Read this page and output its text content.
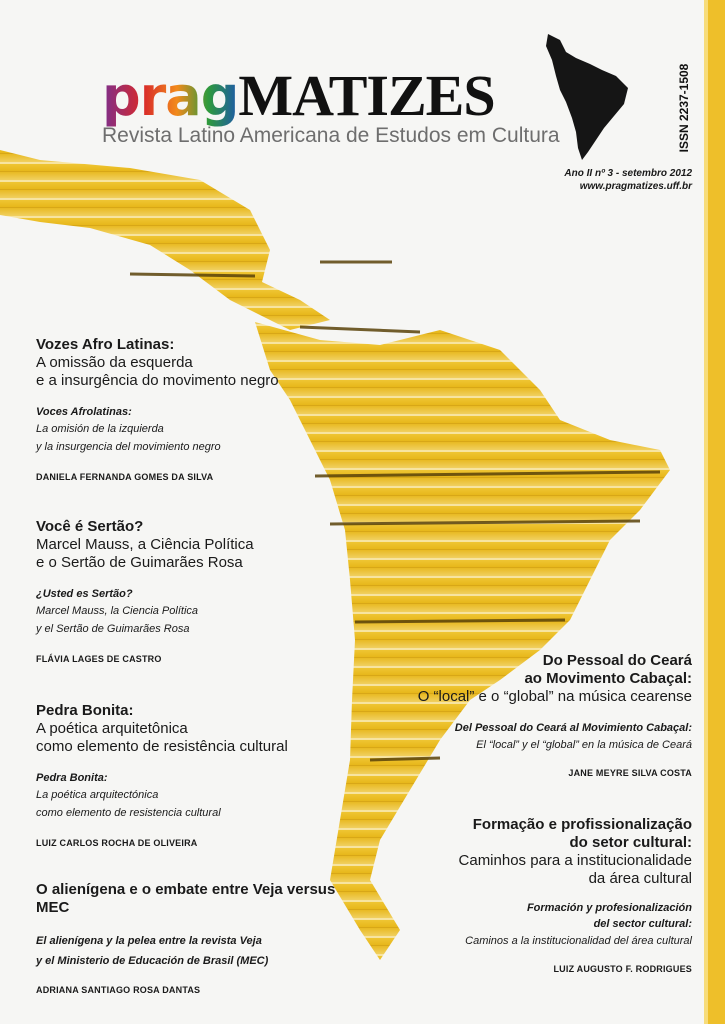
pragMATIZES
Revista Latino Americana de Estudos em Cultura	ISSN 2237-1508
Ano II nº 3 - setembro 2012
www.pragmatizes.uff.br
Vozes Afro Latinas:
A omissão da esquerda
e a insurgência do movimento negro
Voces Afrolatinas:
La omisión de la izquierda
y la insurgencia del movimiento negro
DANIELA FERNANDA GOMES DA SILVA
Você é Sertão?
Marcel Mauss, a Ciência Política
e o Sertão de Guimarães Rosa
¿Usted es Sertão?
Marcel Mauss, la Ciencia Política
y el Sertão de Guimarães Rosa
FLÁVIA LAGES DE CASTRO
Pedra Bonita:
A poética arquitetônica
como elemento de resistência cultural
Pedra Bonita:
La poética arquitectónica
como elemento de resistencia cultural
LUIZ CARLOS ROCHA DE OLIVEIRA
O alienígena e o embate entre Veja versus MEC
El alienígena y la pelea entre la revista Veja
y el Ministerio de Educación de Brasil (MEC)
ADRIANA SANTIAGO ROSA DANTAS
Do Pessoal do Ceará
ao Movimento Cabaçal:
O “local” e o “global” na música cearense
Del Pessoal do Ceará al Movimiento Cabaçal:
El “local” y el “global” en la música de Ceará
JANE MEYRE SILVA COSTA
Formação e profissionalização
do setor cultural:
Caminhos para a institucionalidade
da área cultural
Formación y profesionalización
del sector cultural:
Caminos a la institucionalidad del área cultural
LUIZ AUGUSTO F. RODRIGUES
